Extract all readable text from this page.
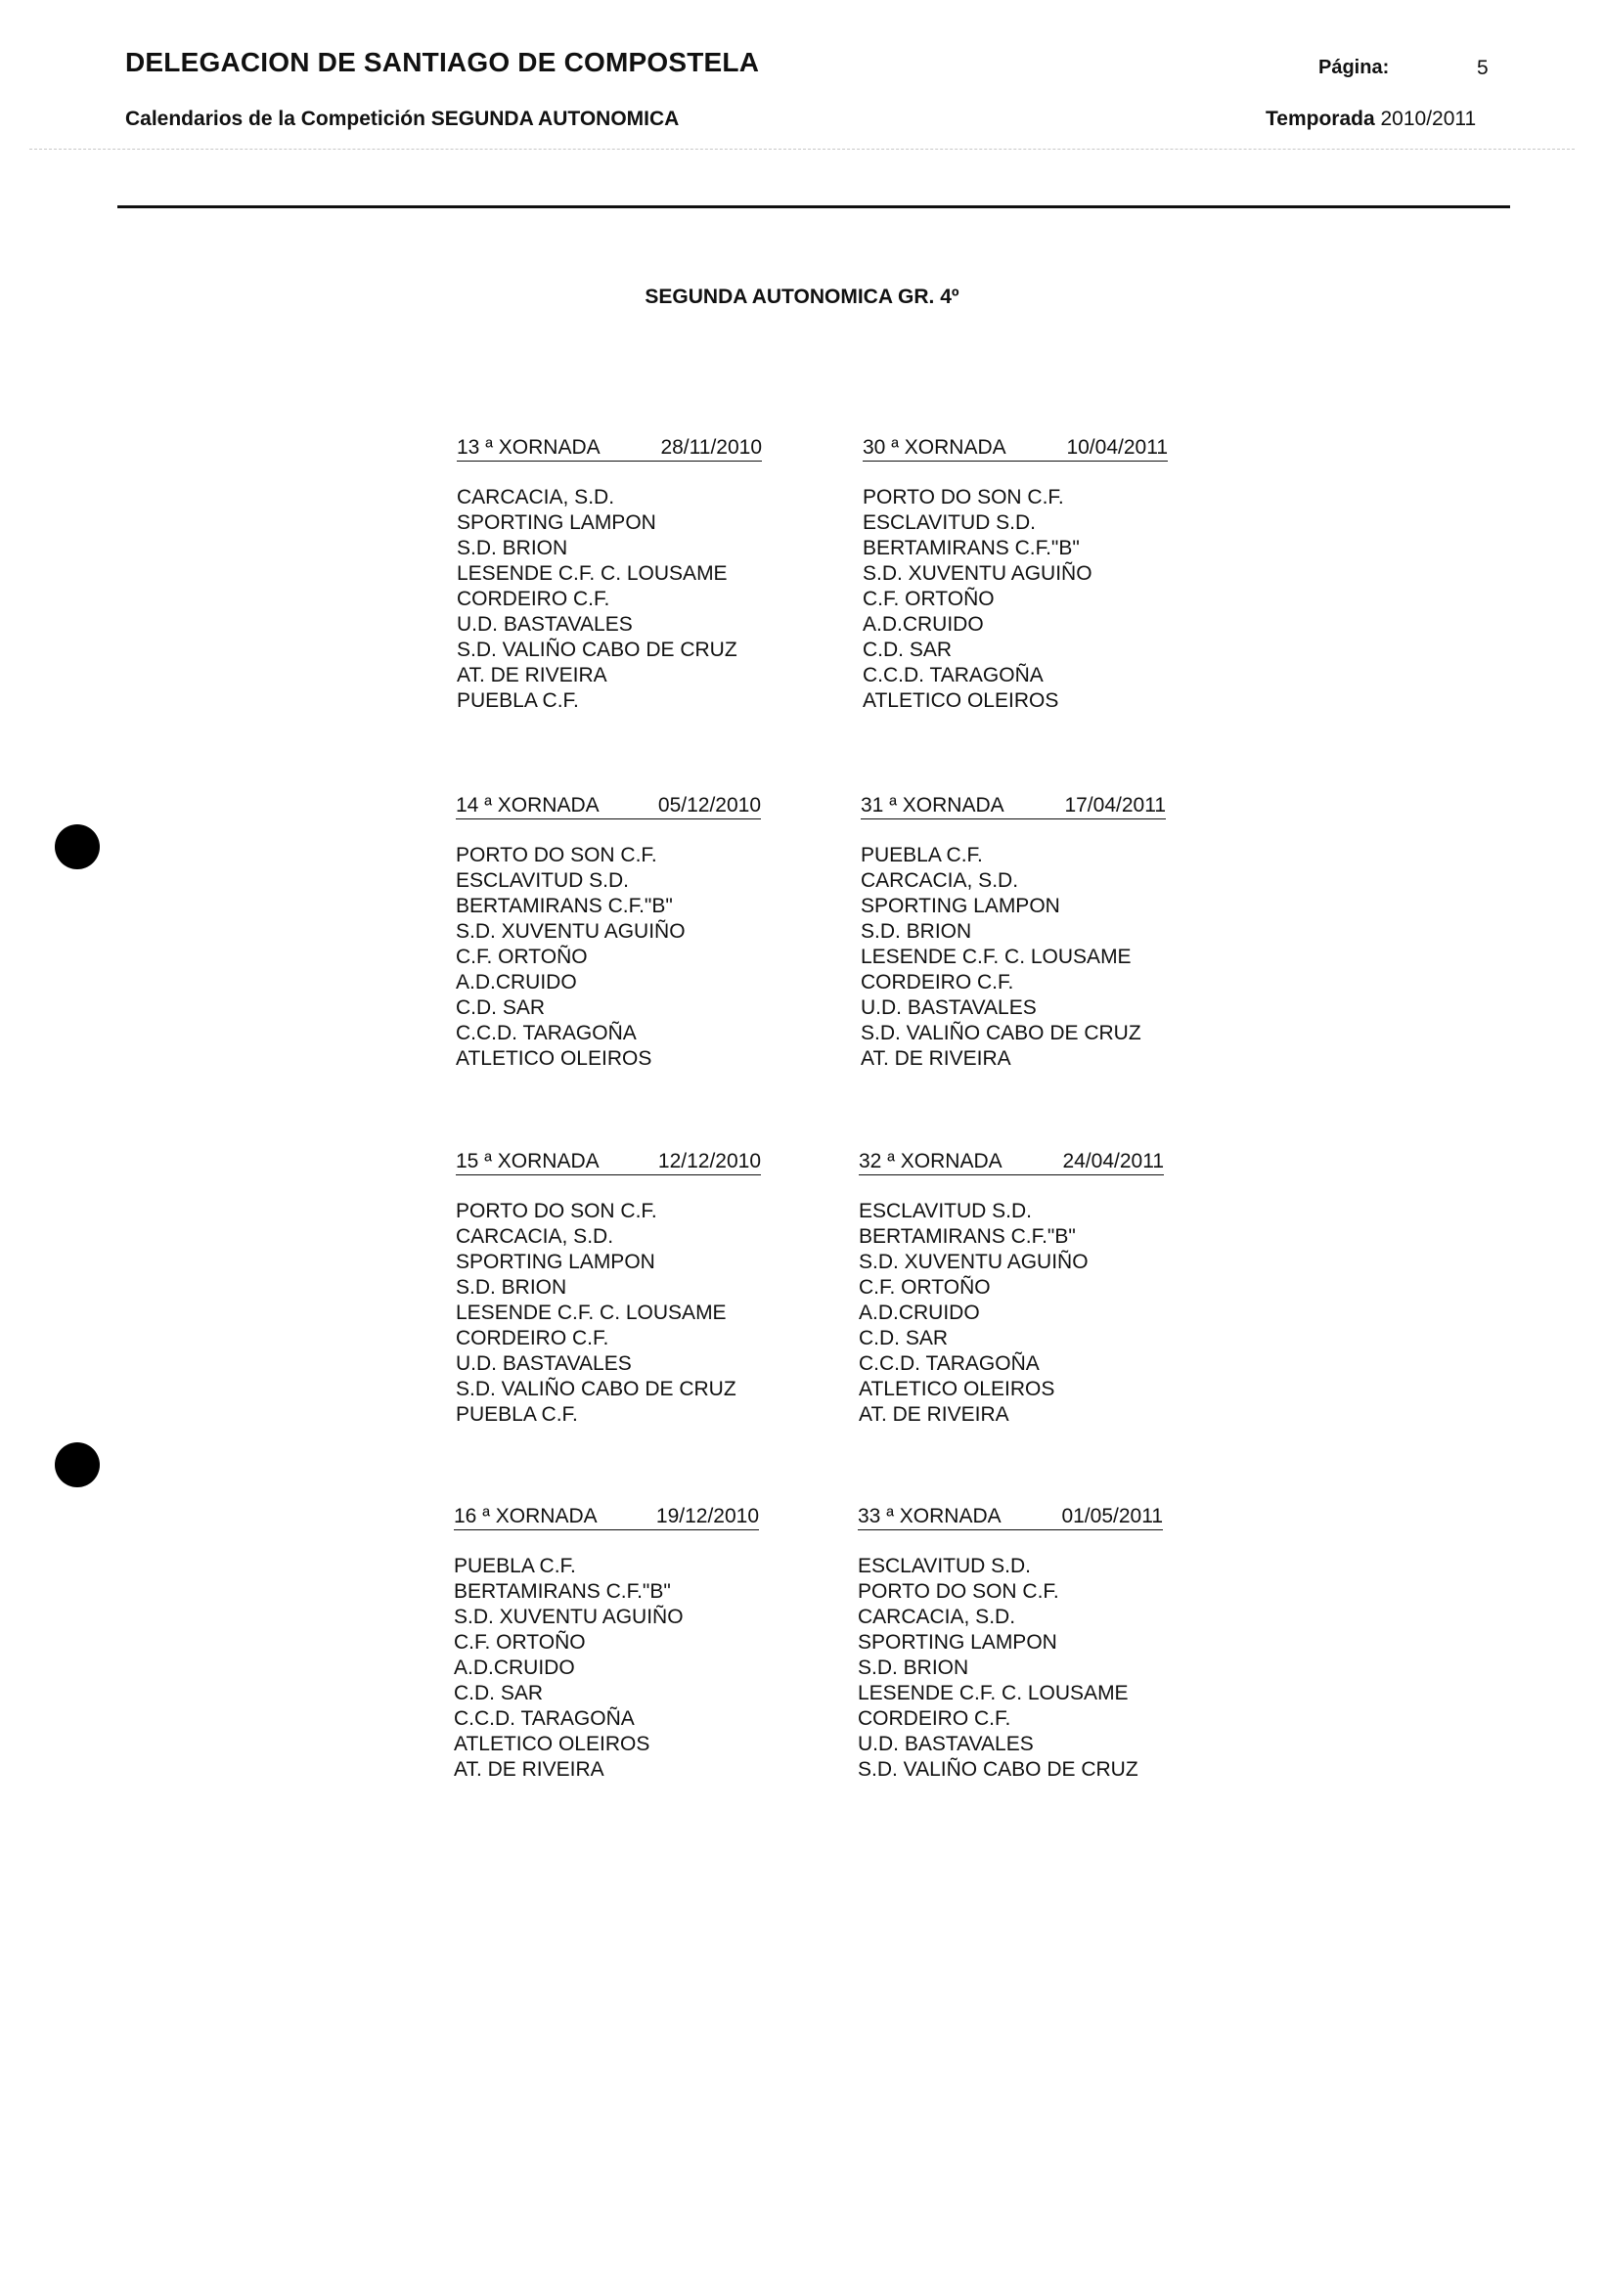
DELEGACION DE SANTIAGO DE COMPOSTELA	Página:	5
Calendarios de la Competición SEGUNDA AUTONOMICA	Temporada 2010/2011
SEGUNDA AUTONOMICA GR. 4º
13 ª XORNADA	28/11/2010
CARCACIA, S.D.
SPORTING LAMPON
S.D. BRION
LESENDE C.F. C. LOUSAME
CORDEIRO C.F.
U.D. BASTAVALES
S.D. VALIÑO CABO DE CRUZ
AT. DE RIVEIRA
PUEBLA C.F.
30 ª XORNADA	10/04/2011
PORTO DO SON C.F.
ESCLAVITUD S.D.
BERTAMIRANS C.F."B"
S.D. XUVENTU AGUIÑO
C.F. ORTOÑO
A.D.CRUIDO
C.D. SAR
C.C.D. TARAGOÑA
ATLETICO OLEIROS
14 ª XORNADA	05/12/2010
PORTO DO SON C.F.
ESCLAVITUD S.D.
BERTAMIRANS C.F."B"
S.D. XUVENTU AGUIÑO
C.F. ORTOÑO
A.D.CRUIDO
C.D. SAR
C.C.D. TARAGOÑA
ATLETICO OLEIROS
31 ª XORNADA	17/04/2011
PUEBLA C.F.
CARCACIA, S.D.
SPORTING LAMPON
S.D. BRION
LESENDE C.F. C. LOUSAME
CORDEIRO C.F.
U.D. BASTAVALES
S.D. VALIÑO CABO DE CRUZ
AT. DE RIVEIRA
15 ª XORNADA	12/12/2010
PORTO DO SON C.F.
CARCACIA, S.D.
SPORTING LAMPON
S.D. BRION
LESENDE C.F. C. LOUSAME
CORDEIRO C.F.
U.D. BASTAVALES
S.D. VALIÑO CABO DE CRUZ
PUEBLA C.F.
32 ª XORNADA	24/04/2011
ESCLAVITUD S.D.
BERTAMIRANS C.F."B"
S.D. XUVENTU AGUIÑO
C.F. ORTOÑO
A.D.CRUIDO
C.D. SAR
C.C.D. TARAGOÑA
ATLETICO OLEIROS
AT. DE RIVEIRA
16 ª XORNADA	19/12/2010
PUEBLA C.F.
BERTAMIRANS C.F."B"
S.D. XUVENTU AGUIÑO
C.F. ORTOÑO
A.D.CRUIDO
C.D. SAR
C.C.D. TARAGOÑA
ATLETICO OLEIROS
AT. DE RIVEIRA
33 ª XORNADA	01/05/2011
ESCLAVITUD S.D.
PORTO DO SON C.F.
CARCACIA, S.D.
SPORTING LAMPON
S.D. BRION
LESENDE C.F. C. LOUSAME
CORDEIRO C.F.
U.D. BASTAVALES
S.D. VALIÑO CABO DE CRUZ
